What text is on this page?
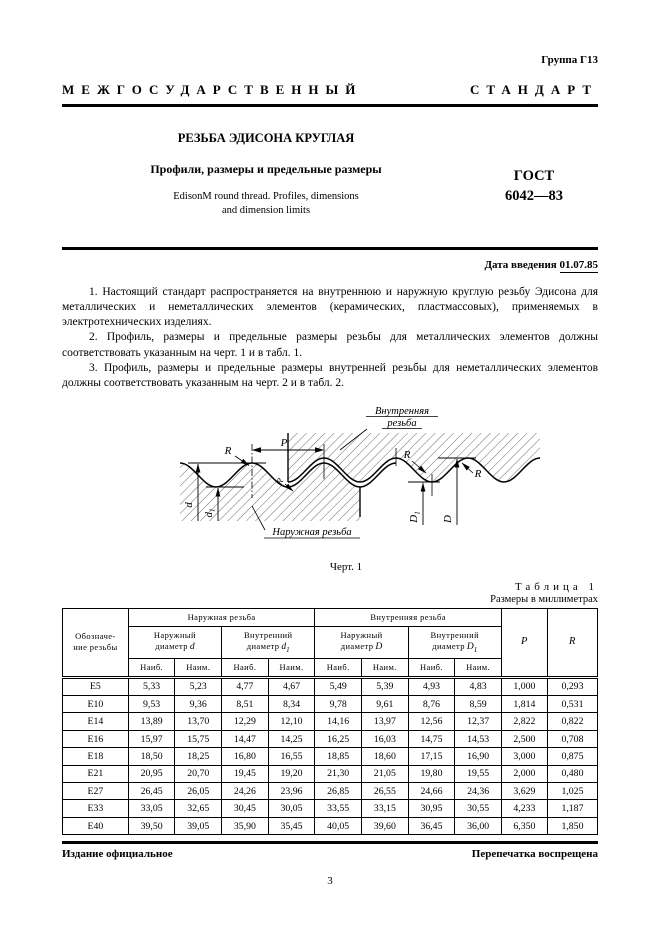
Группа Г13
МЕЖГОСУДАРСТВЕННЫЙ	СТАНДАРТ
РЕЗЬБА ЭДИСОНА КРУГЛАЯ
Профили, размеры и предельные размеры
EdisonM round thread. Profiles, dimensions
and dimension limits
ГОСТ
6042—83
Дата введения 01.07.85

1. Настоящий стандарт распространяется на внутреннюю и наружную круглую резьбу Эдисона для металлических и неметаллических элементов (керамических, пластмассовых), применяемых в электротехнических изделиях.

2. Профиль, размеры и предельные размеры резьбы для металлических элементов должны соответствовать указанным на черт. 1 и в табл. 1.

3. Профиль, размеры и предельные размеры внутренней резьбы для неметаллических элементов должны соответствовать указанным на черт. 2 и в табл. 2.

P
R
R
R
R
d
$d_1$
$D_1$
D
Внутренняя
резьба
Наружная резьба
Черт. 1
Таблица 1
Размеры в миллиметрах
Обозначе-
ние резьбы	Наружная резьба				Внутренняя резьба				P	R
	Наружный
диаметр d		Внутренний
диаметр $d_1$		Наружный
диаметр D		Внутренний
диаметр $D_1$
	Наиб.	Наим.	Наиб.	Наим.	Наиб.	Наим.	Наиб.	Наим.		
E5	5,33	5,23	4,77	4,67	5,49	5,39	4,93	4,83	1,000	0,293
E10	9,53	9,36	8,51	8,34	9,78	9,61	8,76	8,59	1,814	0,531
E14	13,89	13,70	12,29	12,10	14,16	13,97	12,56	12,37	2,822	0,822
E16	15,97	15,75	14,47	14,25	16,25	16,03	14,75	14,53	2,500	0,708
E18	18,50	18,25	16,80	16,55	18,85	18,60	17,15	16,90	3,000	0,875
E21	20,95	20,70	19,45	19,20	21,30	21,05	19,80	19,55	2,000	0,480
E27	26,45	26,05	24,26	23,96	26,85	26,55	24,66	24,36	3,629	1,025
E33	33,05	32,65	30,45	30,05	33,55	33,15	30,95	30,55	4,233	1,187
E40	39,50	39,05	35,90	35,45	40,05	39,60	36,45	36,00	6,350	1,850
Издание официальное	Перепечатка воспрещена
3
